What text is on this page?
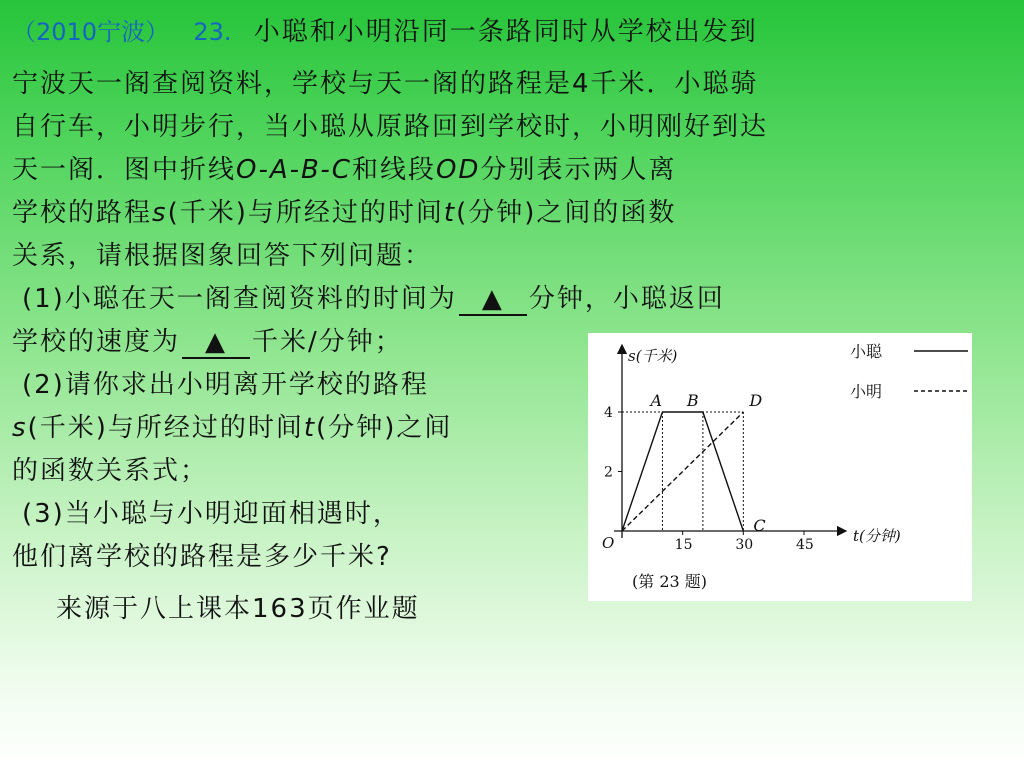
（2010宁波） 23. 小聪和小明沿同一条路同时从学校出发到
宁波天一阁查阅资料，学校与天一阁的路程是4千米．小聪骑
自行车，小明步行，当小聪从原路回到学校时，小明刚好到达
天一阁．图中折线O-A-B-C和线段OD分别表示两人离
学校的路程s(千米)与所经过的时间t(分钟)之间的函数
关系，请根据图象回答下列问题：
(1)小聪在天一阁查阅资料的时间为 ▲ 分钟，小聪返回
学校的速度为 ▲ 千米/分钟；
(2)请你求出小明离开学校的路程
s(千米)与所经过的时间t(分钟)之间
的函数关系式；
(3)当小聪与小明迎面相遇时，
他们离学校的路程是多少千米?
来源于八上课本163页作业题
s(千米)
t(分钟)
O	15	30	45
4
2
A B
C
D
小聪
小明
(第 23 题)
